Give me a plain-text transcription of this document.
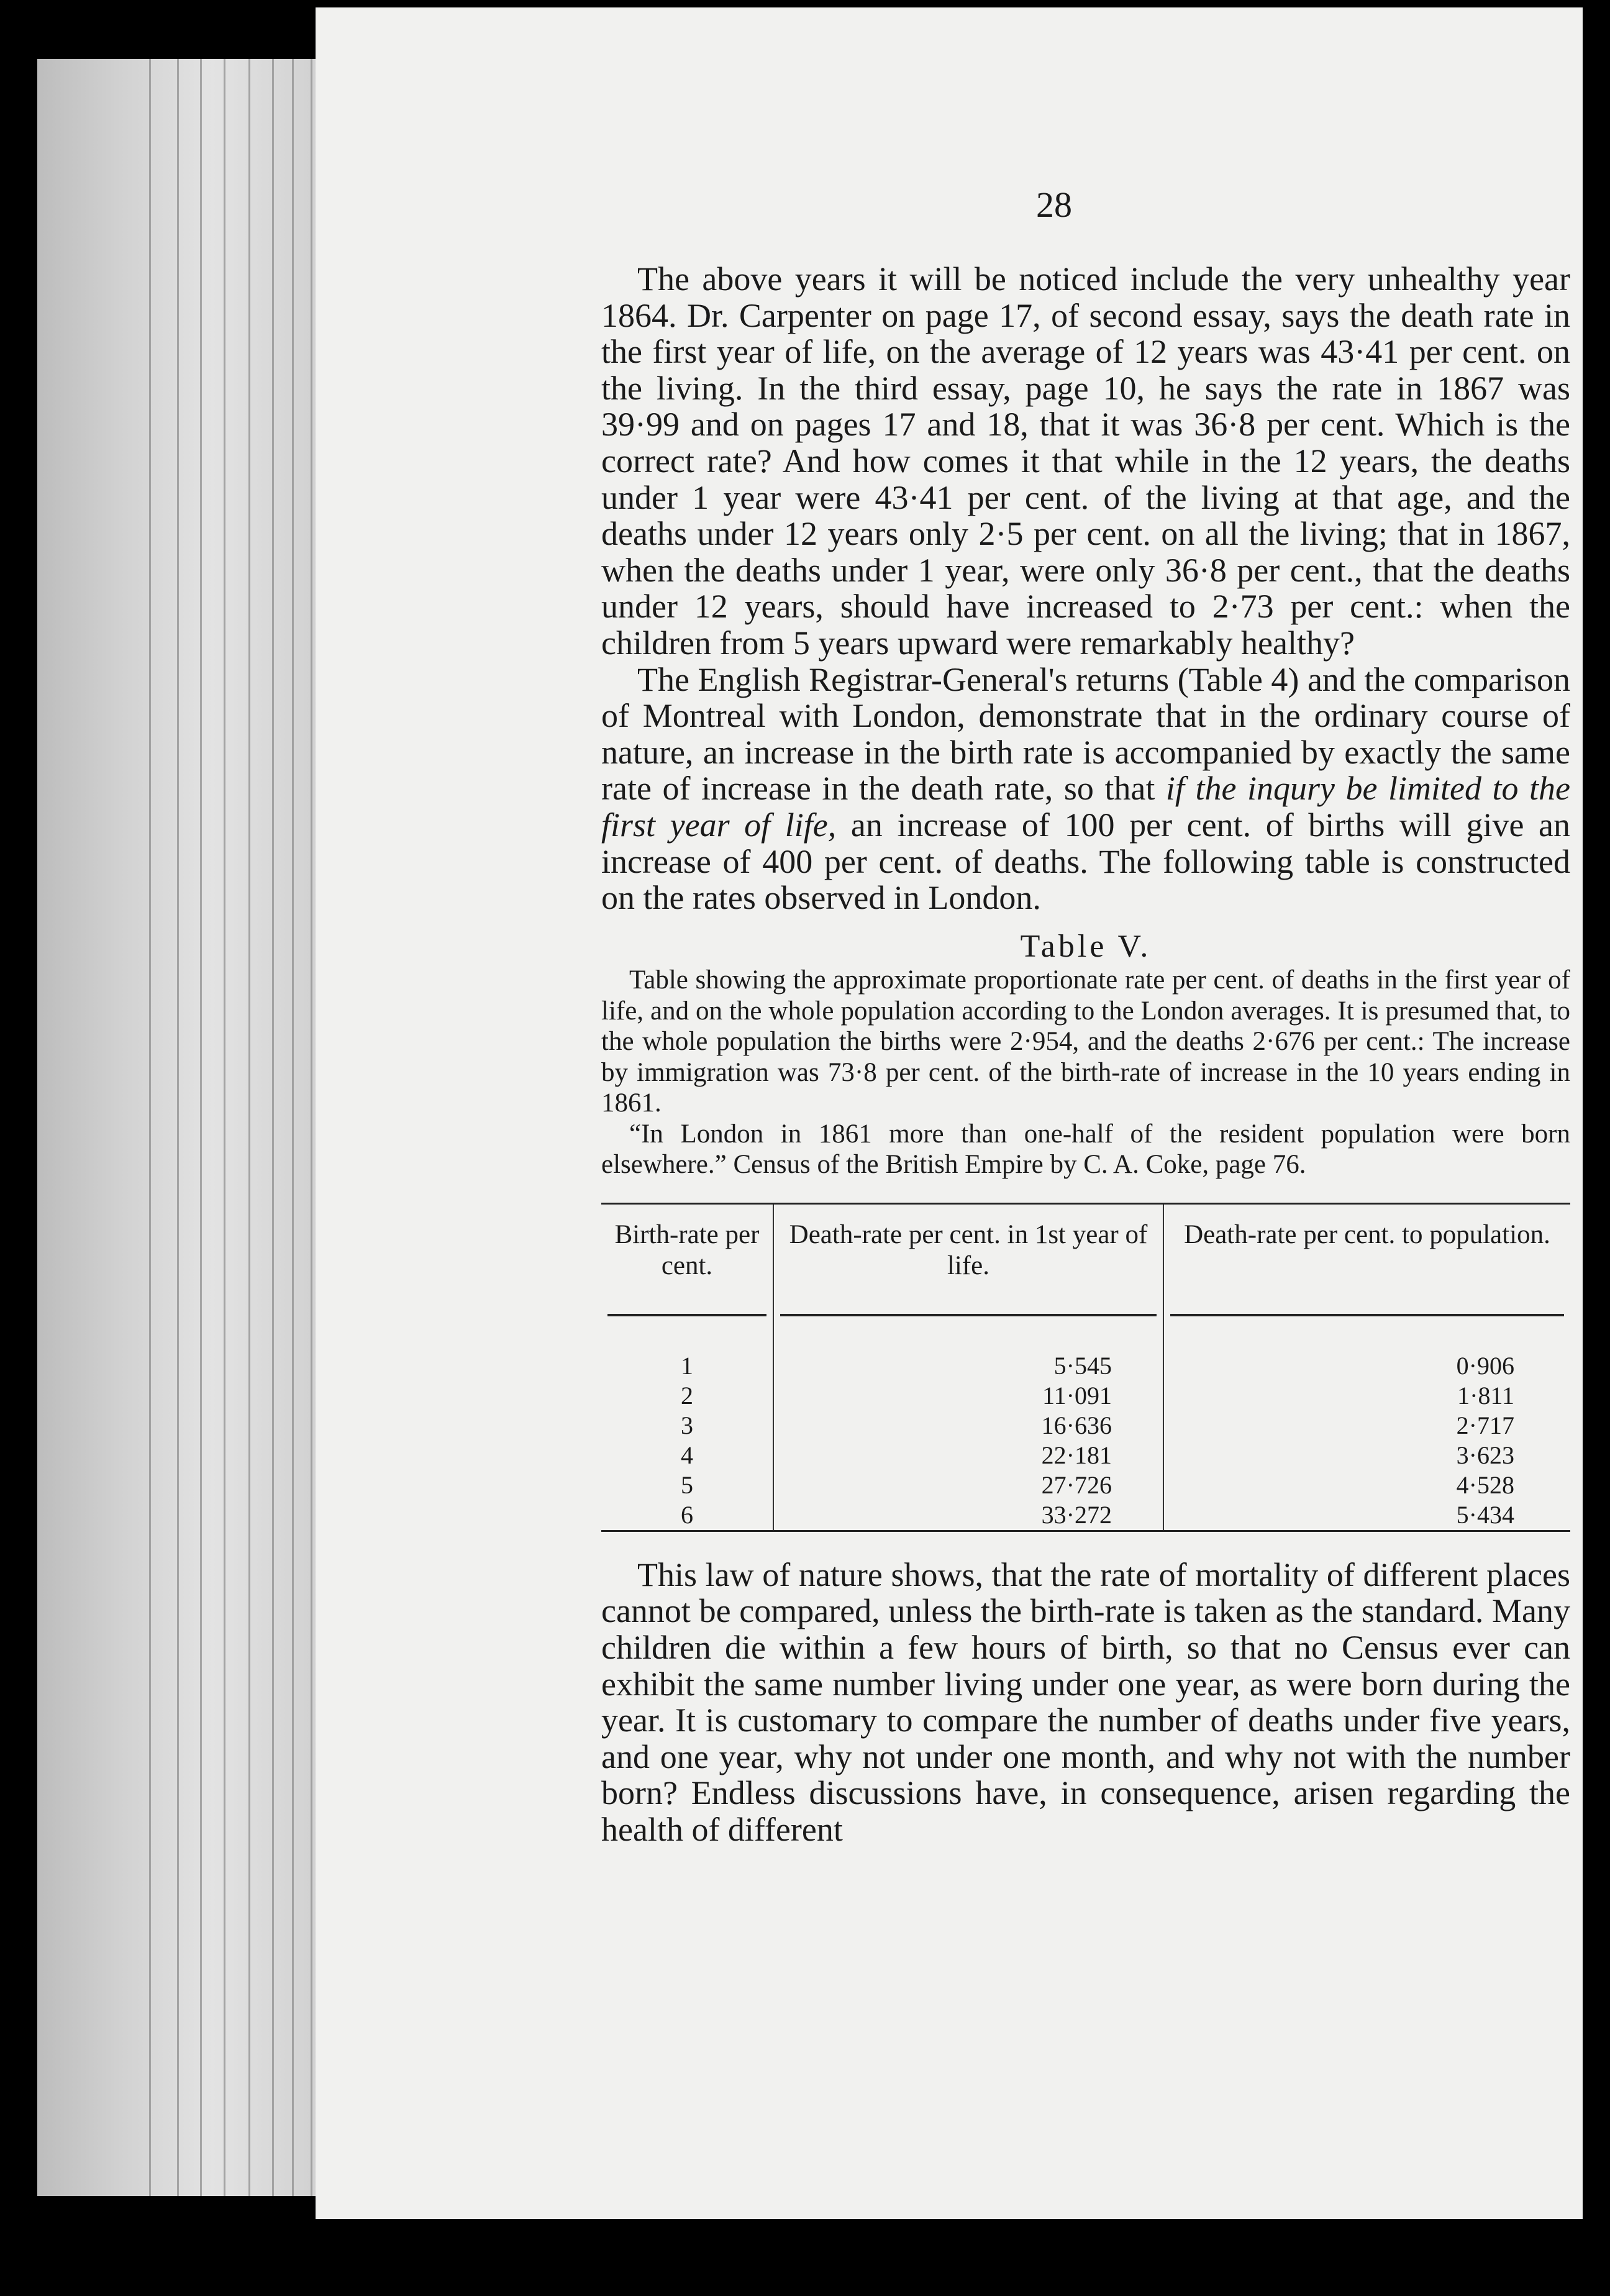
28

The above years it will be noticed include the very unhealthy year 1864. Dr. Carpenter on page 17, of second essay, says the death rate in the first year of life, on the average of 12 years was 43·41 per cent. on the living. In the third essay, page 10, he says the rate in 1867 was 39·99 and on pages 17 and 18, that it was 36·8 per cent. Which is the correct rate? And how comes it that while in the 12 years, the deaths under 1 year were 43·41 per cent. of the living at that age, and the deaths under 12 years only 2·5 per cent. on all the living; that in 1867, when the deaths under 1 year, were only 36·8 per cent., that the deaths under 12 years, should have increased to 2·73 per cent.: when the children from 5 years upward were remarkably healthy?

The English Registrar-General's returns (Table 4) and the comparison of Montreal with London, demonstrate that in the ordinary course of nature, an increase in the birth rate is accompanied by exactly the same rate of increase in the death rate, so that if the inqury be limited to the first year of life, an increase of 100 per cent. of births will give an increase of 400 per cent. of deaths. The following table is constructed on the rates observed in London.

Table V.

Table showing the approximate proportionate rate per cent. of deaths in the first year of life, and on the whole population according to the London averages. It is presumed that, to the whole population the births were 2·954, and the deaths 2·676 per cent.: The increase by immigration was 73·8 per cent. of the birth-rate of increase in the 10 years ending in 1861.

“In London in 1861 more than one-half of the resident population were born elsewhere.” Census of the British Empire by C. A. Coke, page 76.

Birth-rate per cent.	Death-rate per cent. in 1st year of life.	Death-rate per cent. to population.

1	5·545	0·906
2	11·091	1·811
3	16·636	2·717
4	22·181	3·623
5	27·726	4·528
6	33·272	5·434

This law of nature shows, that the rate of mortality of different places cannot be compared, unless the birth-rate is taken as the standard. Many children die within a few hours of birth, so that no Census ever can exhibit the same number living under one year, as were born during the year. It is customary to compare the number of deaths under five years, and one year, why not under one month, and why not with the number born? Endless discussions have, in consequence, arisen regarding the health of different
